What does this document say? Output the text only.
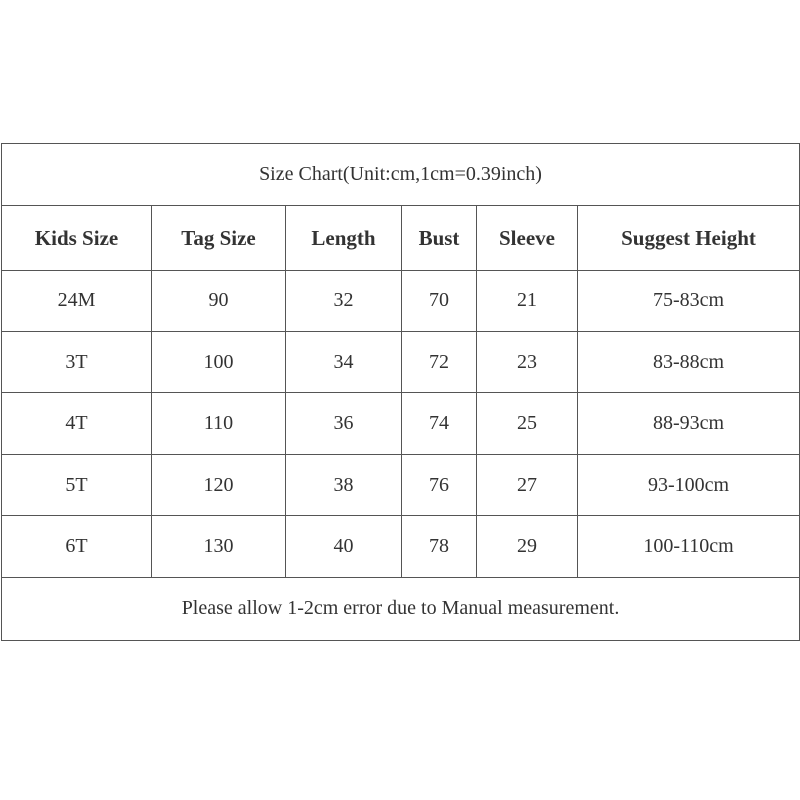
Size Chart(Unit:cm,1cm=0.39inch)					
Kids Size	Tag Size	Length	Bust	Sleeve	Suggest Height
24M	90	32	70	21	75-83cm
3T	100	34	72	23	83-88cm
4T	110	36	74	25	88-93cm
5T	120	38	76	27	93-100cm
6T	130	40	78	29	100-110cm
Please allow 1-2cm error due to Manual measurement.					
